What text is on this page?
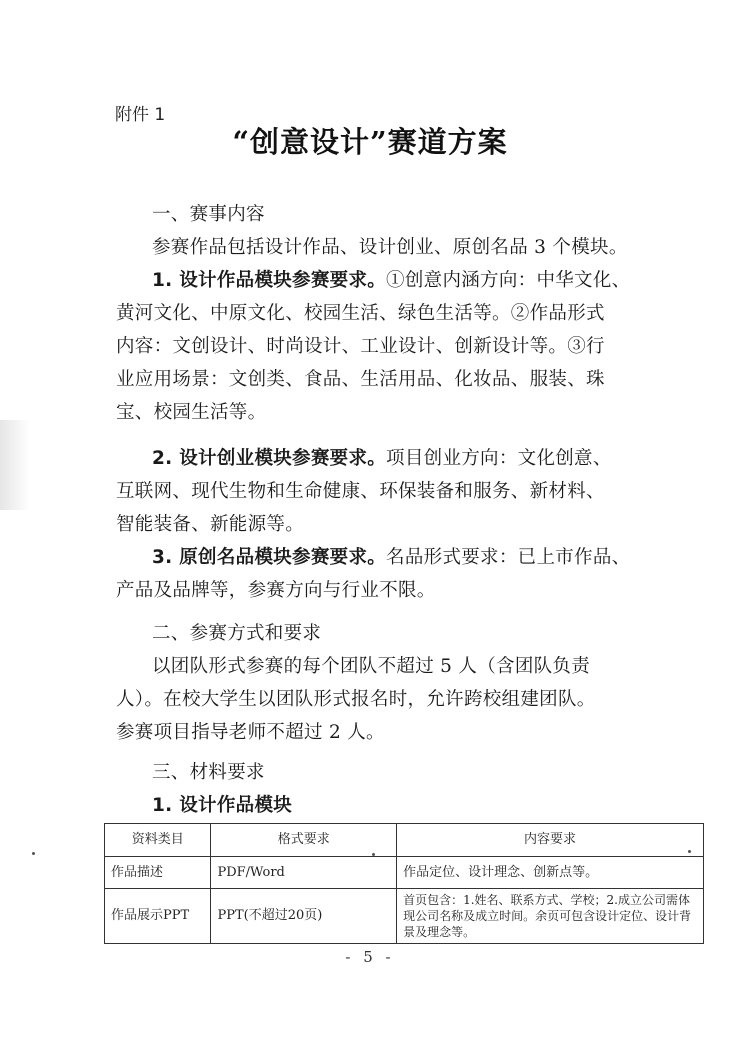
附件 1
“创意设计”赛道方案
一、赛事内容
参赛作品包括设计作品、设计创业、原创名品 3 个模块。
1. 设计作品模块参赛要求。①创意内涵方向：中华文化、
黄河文化、中原文化、校园生活、绿色生活等。②作品形式
内容：文创设计、时尚设计、工业设计、创新设计等。③行
业应用场景：文创类、食品、生活用品、化妆品、服装、珠
宝、校园生活等。
2. 设计创业模块参赛要求。项目创业方向：文化创意、
互联网、现代生物和生命健康、环保装备和服务、新材料、
智能装备、新能源等。
3. 原创名品模块参赛要求。名品形式要求：已上市作品、
产品及品牌等，参赛方向与行业不限。
二、参赛方式和要求
以团队形式参赛的每个团队不超过 5 人（含团队负责
人）。在校大学生以团队形式报名时，允许跨校组建团队。
参赛项目指导老师不超过 2 人。
三、材料要求
1. 设计作品模块
资料类目	格式要求	内容要求
作品描述	PDF/Word	作品定位、设计理念、创新点等。
作品展示PPT	PPT(不超过20页)	首页包含：1.姓名、联系方式、学校；2.成立公司需体现公司名称及成立时间。余页可包含设计定位、设计背景及理念等。
- 5 -
